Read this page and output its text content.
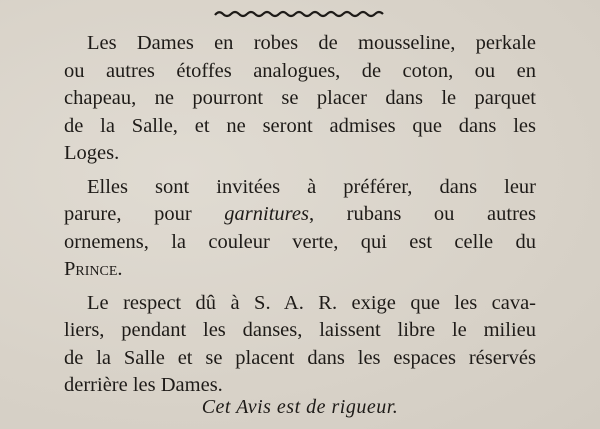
Les Dames en robes de mousseline, perkale
ou autres étoffes analogues, de coton, ou en
chapeau, ne pourront se placer dans le parquet
de la Salle, et ne seront admises que dans les
Loges.
Elles sont invitées à préférer, dans leur
parure, pour garnitures, rubans ou autres
ornemens, la couleur verte, qui est celle du
Prince.
Le respect dû à S. A. R. exige que les cava-
liers, pendant les danses, laissent libre le milieu
de la Salle et se placent dans les espaces réservés
derrière les Dames.
Cet Avis est de rigueur.
